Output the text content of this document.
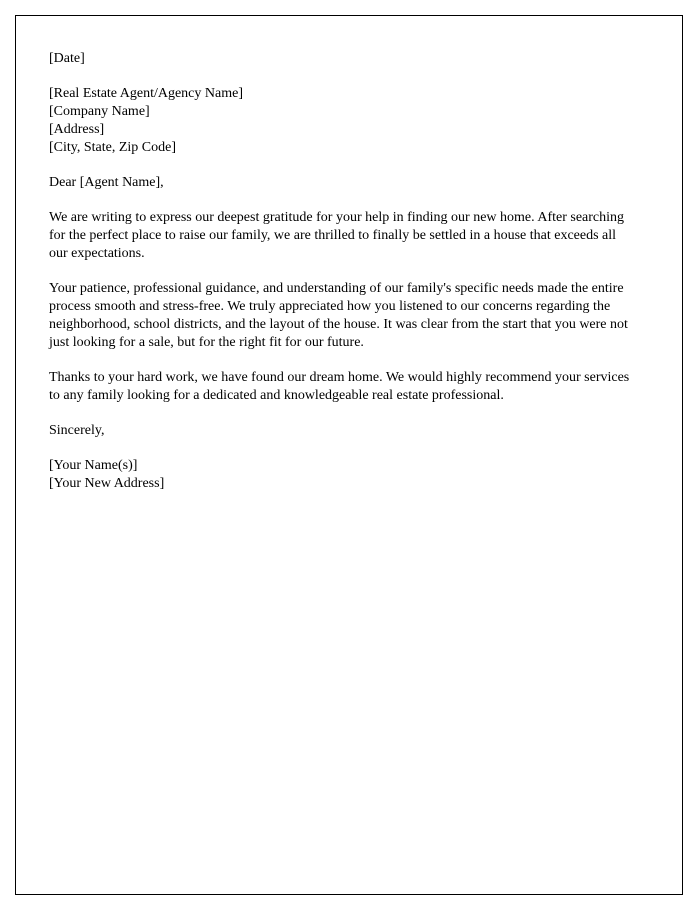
[Date]

[Real Estate Agent/Agency Name]

[Company Name]

[Address]

[City, State, Zip Code]

Dear [Agent Name],

We are writing to express our deepest gratitude for your help in finding our new home. After searching for the perfect place to raise our family, we are thrilled to finally be settled in a house that exceeds all our expectations.

Your patience, professional guidance, and understanding of our family's specific needs made the entire process smooth and stress-free. We truly appreciated how you listened to our concerns regarding the neighborhood, school districts, and the layout of the house. It was clear from the start that you were not just looking for a sale, but for the right fit for our future.

Thanks to your hard work, we have found our dream home. We would highly recommend your services to any family looking for a dedicated and knowledgeable real estate professional.

Sincerely,

[Your Name(s)]

[Your New Address]
